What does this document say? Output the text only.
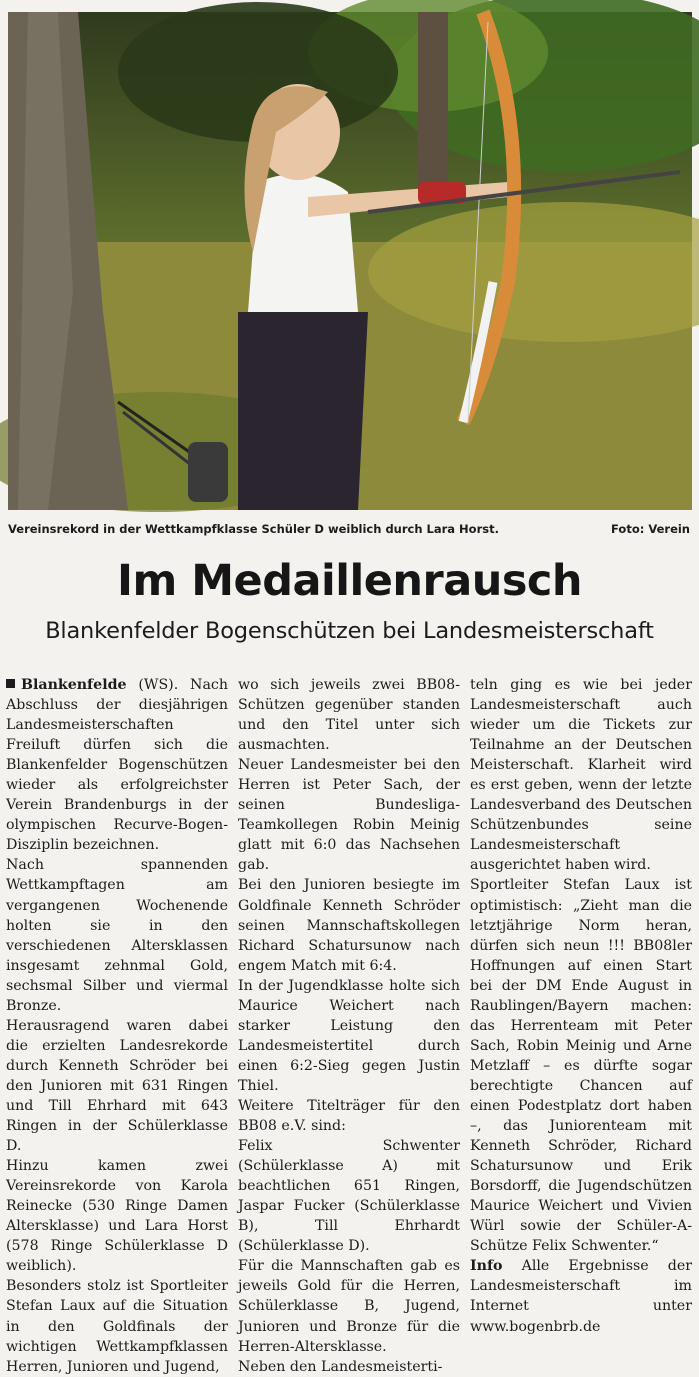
Vereinsrekord in der Wettkampfklasse Schüler D weiblich durch Lara Horst.	Foto: Verein
Im Medaillenrausch
Blankenfelder Bogenschützen bei Landesmeisterschaft

Blankenfelde (WS). Nach Abschluss der diesjährigen Landesmeisterschaften Freiluft dürfen sich die Blankenfelder Bogenschützen wieder als erfolgreichster Verein Brandenburgs in der olympischen Recurve-Bogen-Disziplin bezeichnen.

Nach spannenden Wettkampftagen am vergangenen Wochenende holten sie in den verschiedenen Altersklassen insgesamt zehnmal Gold, sechsmal Silber und viermal Bronze.

Herausragend waren dabei die erzielten Landesrekorde durch Kenneth Schröder bei den Junioren mit 631 Ringen und Till Ehrhard mit 643 Ringen in der Schülerklasse D.

Hinzu kamen zwei Vereinsrekorde von Karola Reinecke (530 Ringe Damen Altersklasse) und Lara Horst (578 Ringe Schülerklasse D weiblich).

Besonders stolz ist Sportleiter Stefan Laux auf die Situation in den Goldfinals der wichtigen Wettkampfklassen Herren, Junioren und Jugend,

wo sich jeweils zwei BB08-Schützen gegenüber standen und den Titel unter sich ausmachten.

Neuer Landesmeister bei den Herren ist Peter Sach, der seinen Bundesliga-Teamkollegen Robin Meinig glatt mit 6:0 das Nachsehen gab.

Bei den Junioren besiegte im Goldfinale Kenneth Schröder seinen Mannschaftskollegen Richard Schatursunow nach engem Match mit 6:4.

In der Jugendklasse holte sich Maurice Weichert nach starker Leistung den Landesmeistertitel durch einen 6:2-Sieg gegen Justin Thiel.

Weitere Titelträger für den BB08 e.V. sind:

Felix Schwenter (Schülerklasse A) mit beachtlichen 651 Ringen, Jaspar Fucker (Schülerklasse B), Till Ehrhardt (Schülerklasse D).

Für die Mannschaften gab es jeweils Gold für die Herren, Schülerklasse B, Jugend, Junioren und Bronze für die Herren-Altersklasse.

Neben den Landesmeisterti-

teln ging es wie bei jeder Landesmeisterschaft auch wieder um die Tickets zur Teilnahme an der Deutschen Meisterschaft. Klarheit wird es erst geben, wenn der letzte Landesverband des Deutschen Schützenbundes seine Landesmeisterschaft ausgerichtet haben wird.

Sportleiter Stefan Laux ist optimistisch: „Zieht man die letztjährige Norm heran, dürfen sich neun !!! BB08ler Hoffnungen auf einen Start bei der DM Ende August in Raublingen/Bayern machen: das Herrenteam mit Peter Sach, Robin Meinig und Arne Metzlaff – es dürfte sogar berechtigte Chancen auf einen Podestplatz dort haben –, das Juniorenteam mit Kenneth Schröder, Richard Schatursunow und Erik Borsdorff, die Jugendschützen Maurice Weichert und Vivien Würl sowie der Schüler-A-Schütze Felix Schwenter.“

Info Alle Ergebnisse der Landesmeisterschaft im Internet unter www.bogenbrb.de
